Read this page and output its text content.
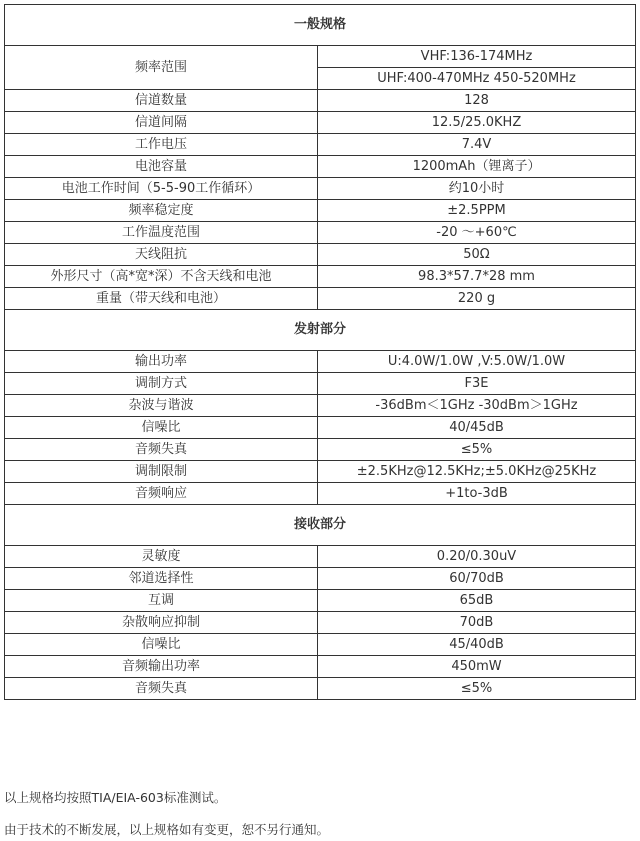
一般规格	
频率范围	VHF:136-174MHz
	UHF:400-470MHz 450-520MHz
信道数量	128
信道间隔	12.5/25.0KHZ
工作电压	7.4V
电池容量	1200mAh（锂离子）
电池工作时间（5-5-90工作循环）	约10小时
频率稳定度	±2.5PPM
工作温度范围	-20 ～+60℃
天线阻抗	50Ω
外形尺寸（高*宽*深）不含天线和电池	98.3*57.7*28 mm
重量（带天线和电池）	220 g
发射部分	
输出功率	U:4.0W/1.0W ,V:5.0W/1.0W
调制方式	F3E
杂波与谐波	-36dBm＜1GHz -30dBm＞1GHz
信噪比	40/45dB
音频失真	≤5%
调制限制	±2.5KHz@12.5KHz;±5.0KHz@25KHz
音频响应	+1to-3dB
接收部分	
灵敏度	0.20/0.30uV
邻道选择性	60/70dB
互调	65dB
杂散响应抑制	70dB
信噪比	45/40dB
音频输出功率	450mW
音频失真	≤5%
以上规格均按照TIA/EIA-603标准测试。
由于技术的不断发展，以上规格如有变更，恕不另行通知。
